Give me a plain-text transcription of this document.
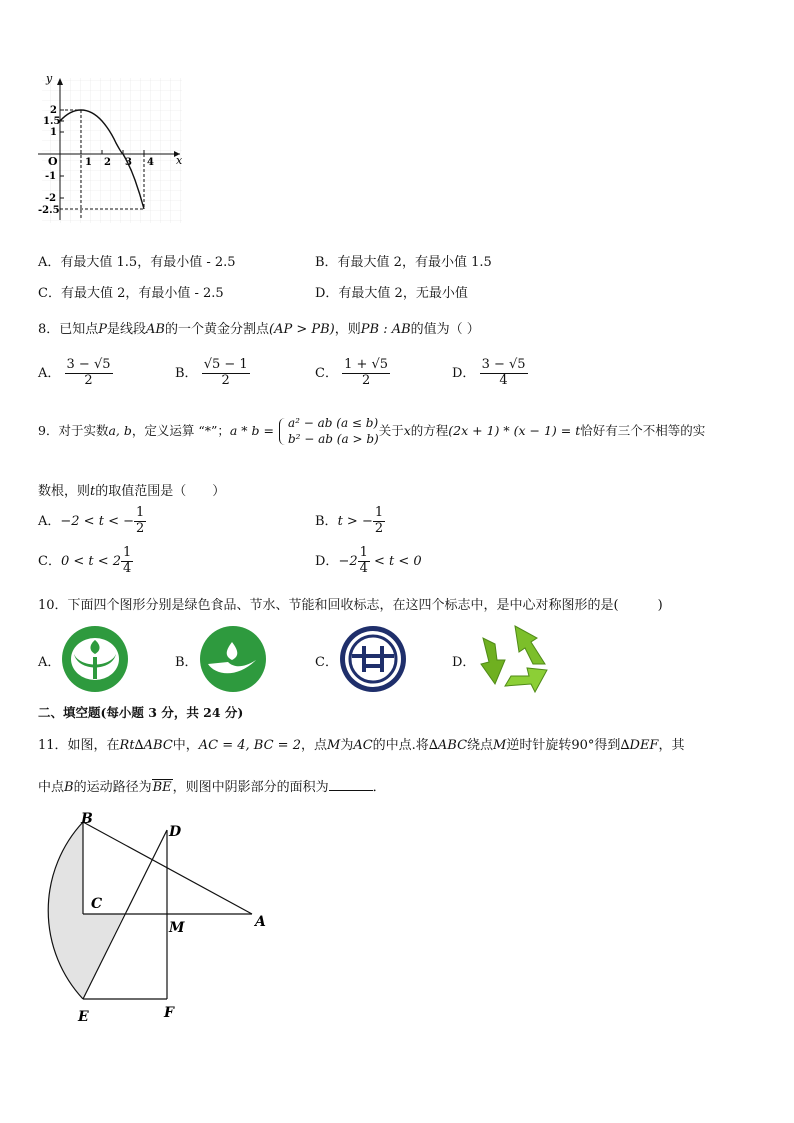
y
x
O
2
1.5
1
-1
-2
-2.5
1 2 3 4
A．有最大值 1.5，有最小值 - 2.5	B．有最大值 2，有最小值 1.5
C．有最大值 2，有最小值 - 2.5	D．有最大值 2，无最小值
8．已知点P是线段AB的一个黄金分割点(AP > PB)，则PB : AB的值为（ ）
A． $\frac{3 - √5}{2}$	B． $\frac{√5 - 1}{2}$	C． $\frac{1 + √5}{2}$	D． $\frac{3 - √5}{4}$
9．对于实数a, b，定义运算 “*”；a * b =
a² − ab (a ≤ b)
b² − ab (a > b)
关于x的方程(2x + 1) * (x − 1) = t恰好有三个不相等的实
数根，则t的取值范围是（　　）
A．−2 < t < − $\frac{1}{2}$	B．t > − $\frac{1}{2}$
C．$0 < t < 2 \frac{1}{4}$	D．$-2 \frac{1}{4} < t < 0$
10．下面四个图形分别是绿色食品、节水、节能和回收标志，在这四个标志中，是中心对称图形的是(　　　)
A．	B．	C．	D．
二、填空题(每小题 3 分，共 24 分)
11．如图，在Rt∆ABC中，AC = 4, BC = 2，点M为AC的中点.将∆ABC绕点M逆时针旋转90°得到∆DEF，其
中点B的运动路径为BE，则图中阴影部分的面积为	．
B
C
D
M	A
E	F
